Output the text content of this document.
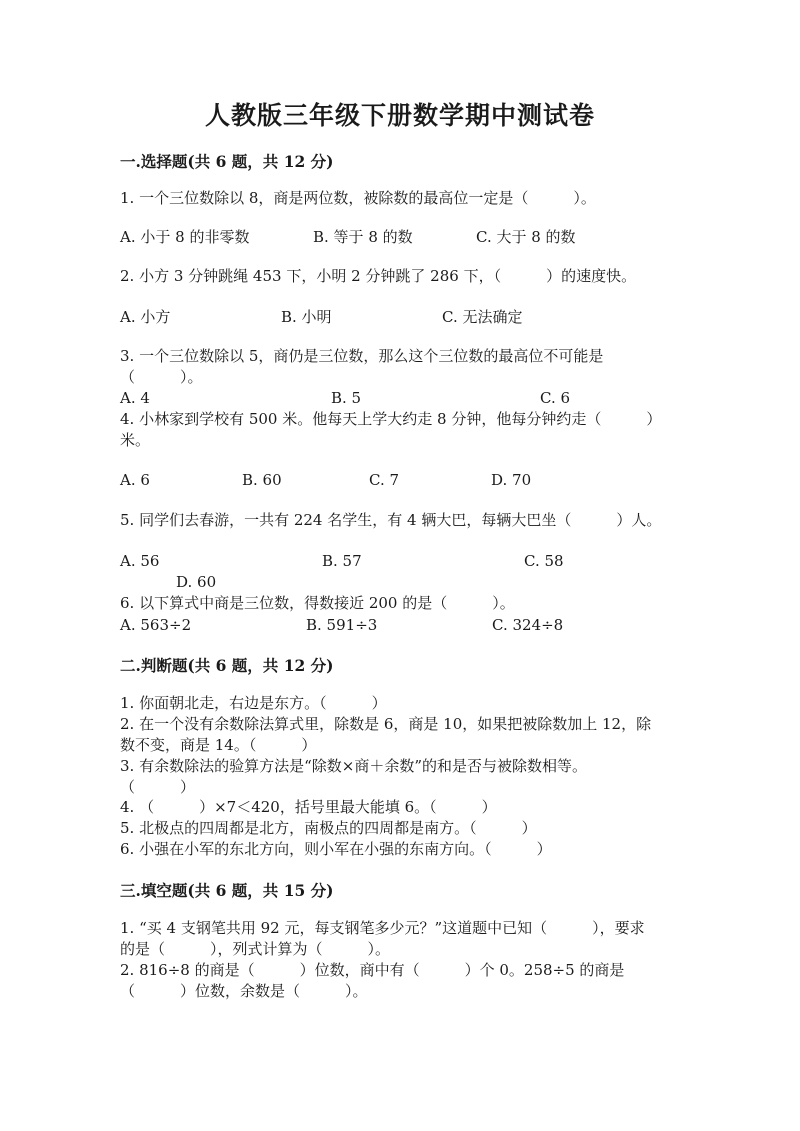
人教版三年级下册数学期中测试卷
一.选择题(共 6 题，共 12 分)
1. 一个三位数除以 8，商是两位数，被除数的最高位一定是（　　　）。
A. 小于 8 的非零数	B. 等于 8 的数	C. 大于 8 的数
2. 小方 3 分钟跳绳 453 下，小明 2 分钟跳了 286 下，（　　　）的速度快。
A. 小方	B. 小明	C. 无法确定
3. 一个三位数除以 5，商仍是三位数，那么这个三位数的最高位不可能是
（　　　）。
A. 4	B. 5	C. 6
4. 小林家到学校有 500 米。他每天上学大约走 8 分钟，他每分钟约走（　　　）
米。
A. 6	B. 60	C. 7	D. 70
5. 同学们去春游，一共有 224 名学生，有 4 辆大巴，每辆大巴坐（　　　）人。
A. 56	B. 57	C. 58
D. 60
6. 以下算式中商是三位数，得数接近 200 的是（　　　）。
A. 563÷2	B. 591÷3	C. 324÷8
二.判断题(共 6 题，共 12 分)
1. 你面朝北走，右边是东方。（　　　）
2. 在一个没有余数除法算式里，除数是 6，商是 10，如果把被除数加上 12，除
数不变，商是 14。（　　　）
3. 有余数除法的验算方法是“除数×商＋余数”的和是否与被除数相等。
（　　　）
4. （　　　）×7＜420，括号里最大能填 6。（　　　）
5. 北极点的四周都是北方，南极点的四周都是南方。（　　　）
6. 小强在小军的东北方向，则小军在小强的东南方向。（　　　）
三.填空题(共 6 题，共 15 分)
1. “买 4 支钢笔共用 92 元，每支钢笔多少元？”这道题中已知（　　　），要求
的是（　　　），列式计算为（　　　）。
2. 816÷8 的商是（　　　）位数，商中有（　　　）个 0。258÷5 的商是
（　　　）位数，余数是（　　　）。
